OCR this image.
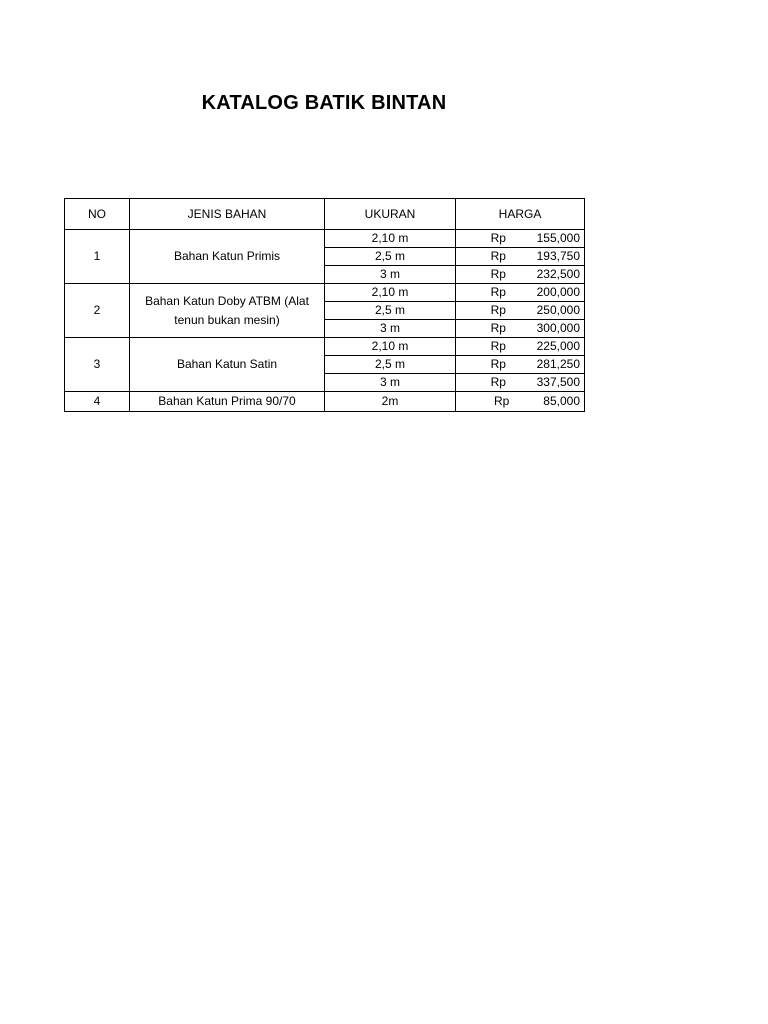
KATALOG BATIK BINTAN
NO	JENIS BAHAN	UKURAN	HARGA
1	Bahan Katun Primis	2,10 m	Rp 155,000

		2,5 m	Rp 193,750

		3 m	Rp 232,500

2	Bahan Katun Doby ATBM (Alat tenun bukan mesin)	2,10 m	Rp 200,000

		2,5 m	Rp 250,000

		3 m	Rp 300,000

3	Bahan Katun Satin	2,10 m	Rp 225,000

		2,5 m	Rp 281,250

		3 m	Rp 337,500

4	Bahan Katun Prima 90/70	2m	Rp 85,000
